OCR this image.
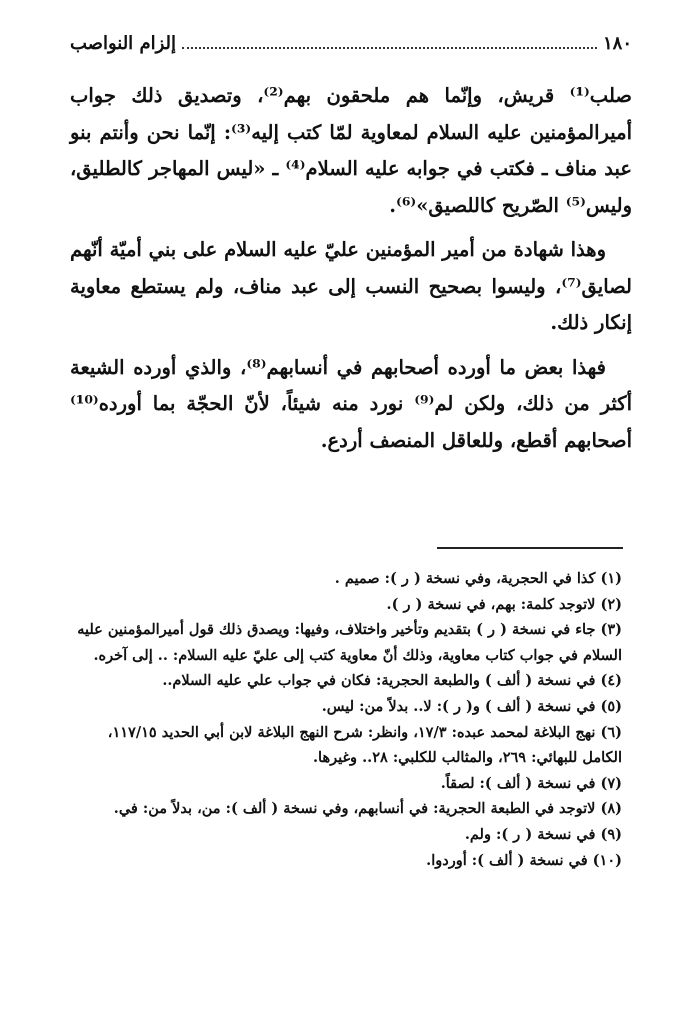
إلزام النواصب	١٨٠

صلب⁽¹⁾ قريش، وإنّما هم ملحقون بهم⁽²⁾، وتصديق ذلك جواب أميرالمؤمنين عليه السلام لمعاوية لمّا كتب إليه⁽³⁾: إنّما نحن وأنتم بنو عبد مناف ـ فكتب في جوابه عليه السلام⁽⁴⁾ ـ «ليس المهاجر كالطليق، وليس⁽⁵⁾ الصّريح كاللصيق»⁽⁶⁾.

وهذا شهادة من أمير المؤمنين عليّ عليه السلام على بني أميّة أنّهم لصايق⁽⁷⁾، وليسوا بصحيح النسب إلى عبد مناف، ولم يستطع معاوية إنكار ذلك.

فهذا بعض ما أورده أصحابهم في أنسابهم⁽⁸⁾، والذي أورده الشيعة أكثر من ذلك، ولكن لم⁽⁹⁾ نورد منه شيئاً، لأنّ الحجّة بما أورده⁽¹⁰⁾ أصحابهم أقطع، وللعاقل المنصف أردع.

(١) كذا في الحجرية، وفي نسخة ( ر ): صميم .

(٢) لاتوجد كلمة: بهم، في نسخة ( ر ).

(٣) جاء في نسخة ( ر ) بتقديم وتأخير واختلاف، وفيها: ويصدق ذلك قول أميرالمؤمنين عليه السلام في جواب كتاب معاوية، وذلك أنّ معاوية كتب إلى عليّ عليه السلام: .. إلى آخره.

(٤) في نسخة ( ألف ) والطبعة الحجرية: فكان في جواب علي عليه السلام..

(٥) في نسخة ( ألف ) و( ر ): لا.. بدلاً من: ليس.

(٦) نهج البلاغة لمحمد عبده: ١٧/٣، وانظر: شرح النهج البلاغة لابن أبي الحديد ١١٧/١٥، الكامل للبهائي: ٢٦٩، والمثالب للكلبي: ٢٨.. وغيرها.

(٧) في نسخة ( ألف ): لصقاً.

(٨) لاتوجد في الطبعة الحجرية: في أنسابهم، وفي نسخة ( ألف ): من، بدلاً من: في.

(٩) في نسخة ( ر ): ولم.

(١٠) في نسخة ( ألف ): أوردوا.
